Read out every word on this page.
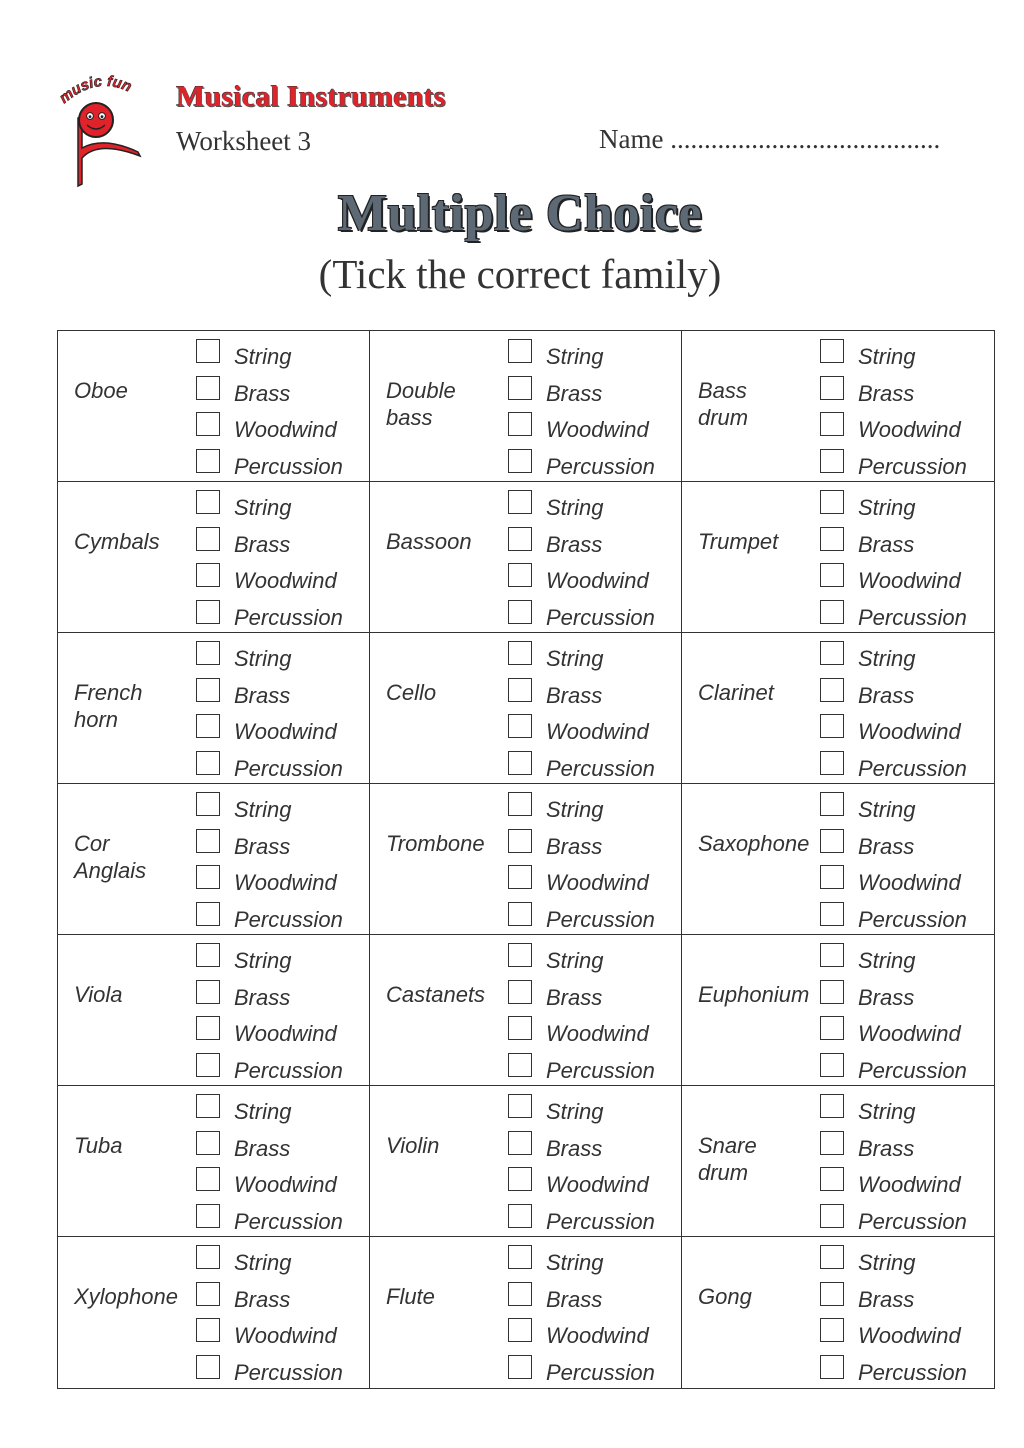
music fun Musical Instruments
Worksheet 3	Name ........................................
Multiple Choice
(Tick the correct family)
Oboe
String
Brass
Woodwind
Percussion
Double
bass
String
Brass
Woodwind
Percussion
Bass
drum
String
Brass
Woodwind
Percussion
Cymbals
String
Brass
Woodwind
Percussion
Bassoon
String
Brass
Woodwind
Percussion
Trumpet
String
Brass
Woodwind
Percussion
French
horn
String
Brass
Woodwind
Percussion
Cello
String
Brass
Woodwind
Percussion
Clarinet
String
Brass
Woodwind
Percussion
Cor
Anglais
String
Brass
Woodwind
Percussion
Trombone
String
Brass
Woodwind
Percussion
Saxophone
String
Brass
Woodwind
Percussion
Viola
String
Brass
Woodwind
Percussion
Castanets
String
Brass
Woodwind
Percussion
Euphonium
String
Brass
Woodwind
Percussion
Tuba
String
Brass
Woodwind
Percussion
Violin
String
Brass
Woodwind
Percussion
Snare
drum
String
Brass
Woodwind
Percussion
Xylophone
String
Brass
Woodwind
Percussion
Flute
String
Brass
Woodwind
Percussion
Gong
String
Brass
Woodwind
Percussion
